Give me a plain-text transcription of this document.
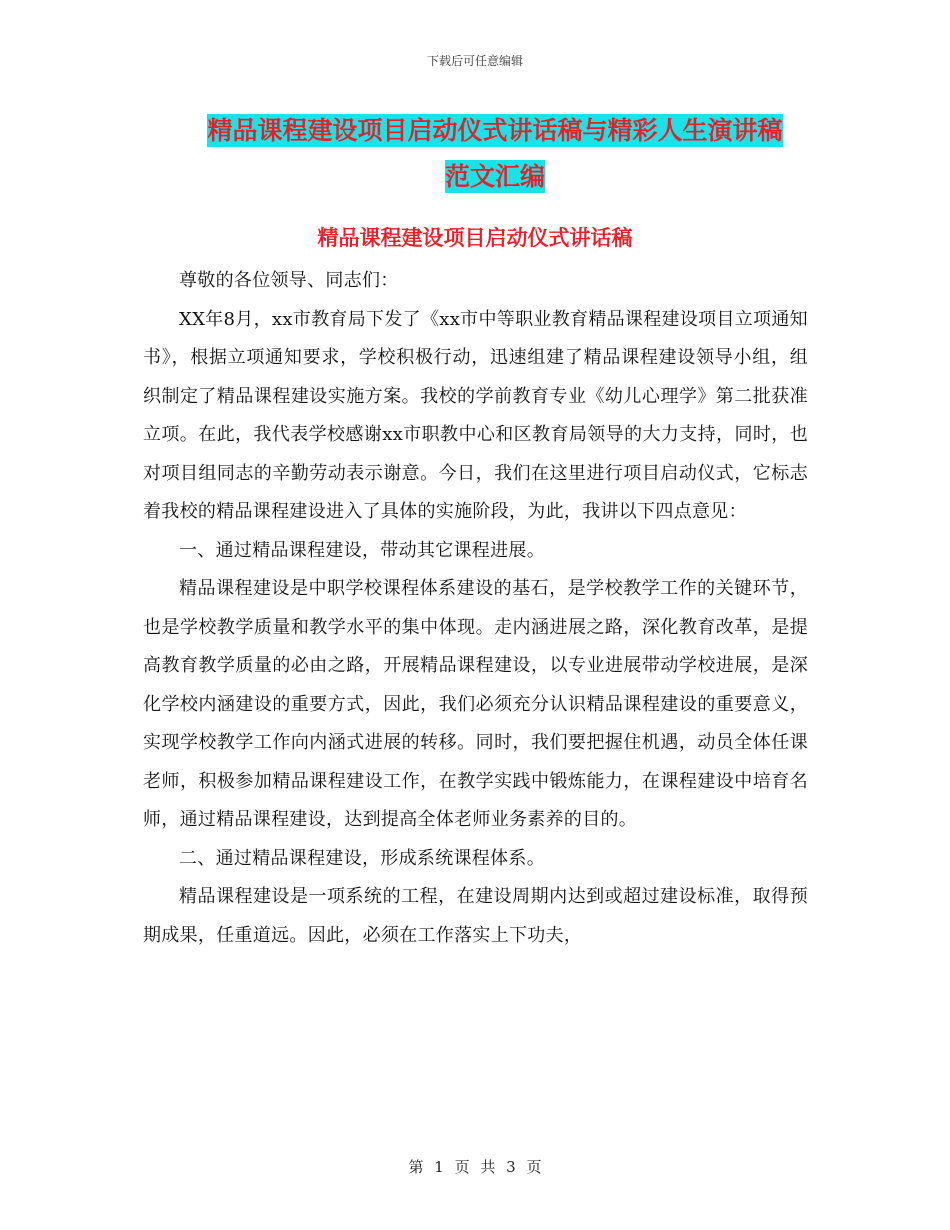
下载后可任意编辑
精品课程建设项目启动仪式讲话稿与精彩人生演讲稿
范文汇编
精品课程建设项目启动仪式讲话稿

尊敬的各位领导、同志们：

XX年8月，xx市教育局下发了《xx市中等职业教育精品课程建设项目立项通知书》，根据立项通知要求，学校积极行动，迅速组建了精品课程建设领导小组，组织制定了精品课程建设实施方案。我校的学前教育专业《幼儿心理学》第二批获准立项。在此，我代表学校感谢xx市职教中心和区教育局领导的大力支持，同时，也对项目组同志的辛勤劳动表示谢意。今日，我们在这里进行项目启动仪式，它标志着我校的精品课程建设进入了具体的实施阶段，为此，我讲以下四点意见：

一、通过精品课程建设，带动其它课程进展。

精品课程建设是中职学校课程体系建设的基石，是学校教学工作的关键环节，也是学校教学质量和教学水平的集中体现。走内涵进展之路，深化教育改革，是提高教育教学质量的必由之路，开展精品课程建设，以专业进展带动学校进展，是深化学校内涵建设的重要方式，因此，我们必须充分认识精品课程建设的重要意义，实现学校教学工作向内涵式进展的转移。同时，我们要把握住机遇，动员全体任课老师，积极参加精品课程建设工作，在教学实践中锻炼能力，在课程建设中培育名师，通过精品课程建设，达到提高全体老师业务素养的目的。

二、通过精品课程建设，形成系统课程体系。

精品课程建设是一项系统的工程，在建设周期内达到或超过建设标准，取得预期成果，任重道远。因此，必须在工作落实上下功夫，

第 1 页 共 3 页
